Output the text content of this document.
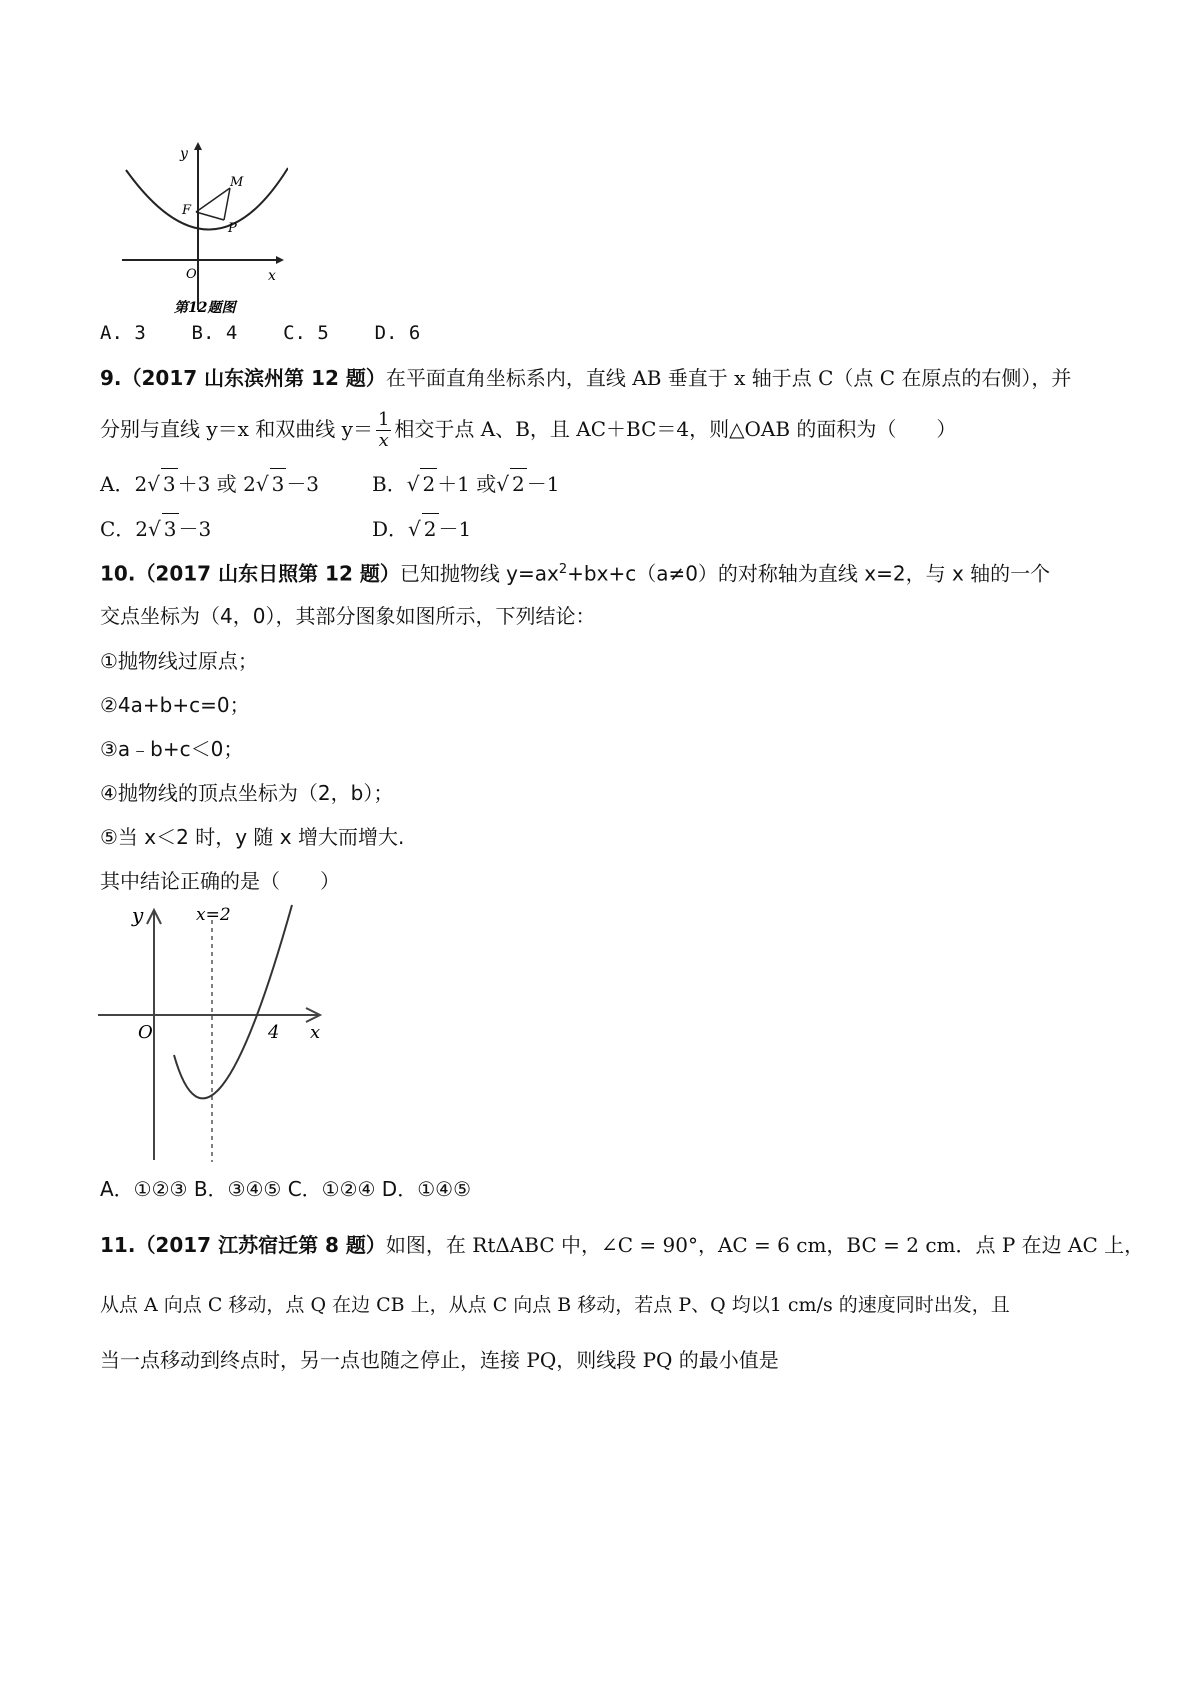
y
x
O
M
F
P
第12题图
A. 3 B. 4 C. 5 D. 6
9.（2017 山东滨州第 12 题）在平面直角坐标系内，直线 AB 垂直于 x 轴于点 C（点 C 在原点的右侧），并
分别与直线 y＝x 和双曲线 $y= \frac{1}{x}$ 相交于点 A、B，且 AC＋BC＝4，则△OAB 的面积为（　　）
A．2√ 3 ＋3 或 2√ 3 －3	B．√ 2 ＋1 或√ 2 －1
C．2√ 3 －3	D．√ 2 －1
10.（2017 山东日照第 12 题）已知抛物线 $y=ax^2+bx+c(a\ne 0)$的对称轴为直线 x=2，与 x 轴的一个
交点坐标为（4，0），其部分图象如图所示，下列结论：
①抛物线过原点；
②4a+b+c=0；
③a﹣b+c＜0；
④抛物线的顶点坐标为（2，b）；
⑤当 x＜2 时，y 随 x 增大而增大.
其中结论正确的是（　　）
y	x=2
O	4 x
A．①②③ B．③④⑤ C．①②④ D．①④⑤
11.（2017 江苏宿迁第 8 题）如图，在 RtΔABC 中，∠C = 90°，AC = 6 cm，BC = 2 cm．点 P 在边 AC 上，
从点 A 向点 C 移动，点 Q 在边 CB 上，从点 C 向点 B 移动，若点 P、Q 均以1 cm/s 的速度同时出发，且
当一点移动到终点时，另一点也随之停止，连接 PQ，则线段 PQ 的最小值是
